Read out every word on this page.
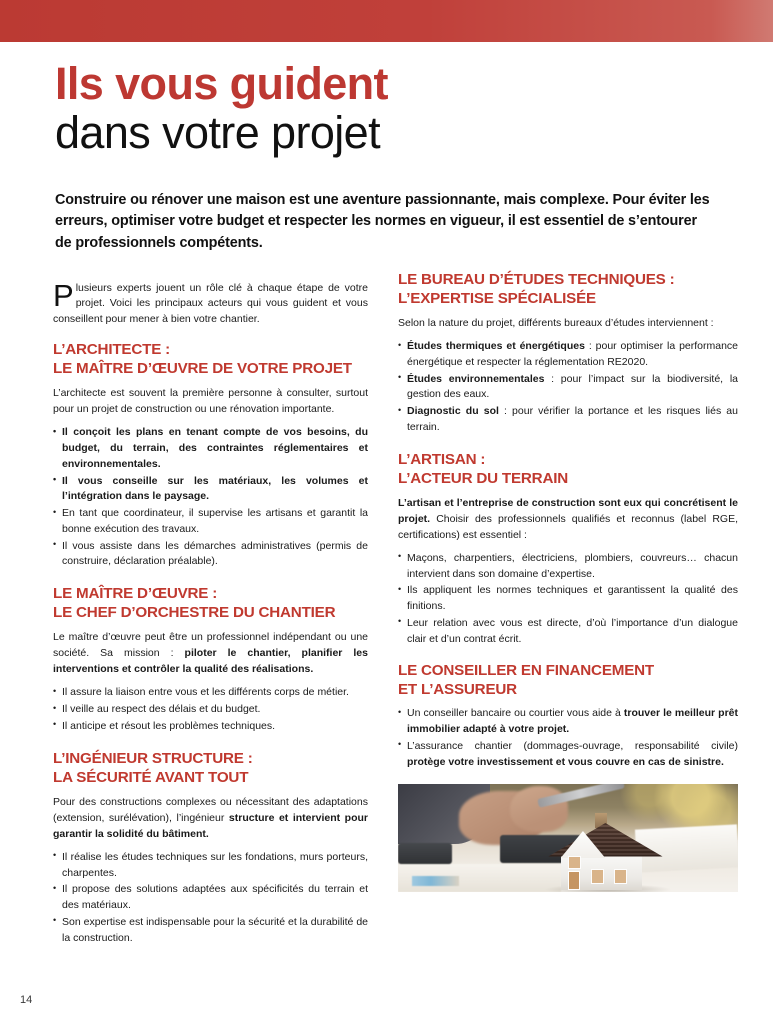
Ils vous guident
dans votre projet
Construire ou rénover une maison est une aventure passionnante, mais complexe. Pour éviter les erreurs, optimiser votre budget et respecter les normes en vigueur, il est essentiel de s’entourer de professionnels compétents.

Plusieurs experts jouent un rôle clé à chaque étape de votre projet. Voici les principaux acteurs qui vous guident et vous conseillent pour mener à bien votre chantier.

L’ARCHITECTE :
LE MAÎTRE D’ŒUVRE DE VOTRE PROJET

L’architecte est souvent la première personne à consulter, surtout pour un projet de construction ou une rénovation importante.

• Il conçoit les plans en tenant compte de vos besoins, du budget, du terrain, des contraintes réglementaires et environnementales.
• Il vous conseille sur les matériaux, les volumes et l’intégration dans le paysage.
• En tant que coordinateur, il supervise les artisans et garantit la bonne exécution des travaux.
• Il vous assiste dans les démarches administratives (permis de construire, déclaration préalable).
LE MAÎTRE D’ŒUVRE :
LE CHEF D’ORCHESTRE DU CHANTIER

Le maître d’œuvre peut être un professionnel indépendant ou une société. Sa mission : piloter le chantier, planifier les interventions et contrôler la qualité des réalisations.

• Il assure la liaison entre vous et les différents corps de métier.
• Il veille au respect des délais et du budget.
• Il anticipe et résout les problèmes techniques.
L’INGÉNIEUR STRUCTURE :
LA SÉCURITÉ AVANT TOUT

Pour des constructions complexes ou nécessitant des adaptations (extension, surélévation), l’ingénieur structure et intervient pour garantir la solidité du bâtiment.

• Il réalise les études techniques sur les fondations, murs porteurs, charpentes.
• Il propose des solutions adaptées aux spécificités du terrain et des matériaux.
• Son expertise est indispensable pour la sécurité et la durabilité de la construction.
LE BUREAU D’ÉTUDES TECHNIQUES :
L’EXPERTISE SPÉCIALISÉE

Selon la nature du projet, différents bureaux d’études interviennent :

• Études thermiques et énergétiques : pour optimiser la performance énergétique et respecter la réglementation RE2020.
• Études environnementales : pour l’impact sur la biodiversité, la gestion des eaux.
• Diagnostic du sol : pour vérifier la portance et les risques liés au terrain.
L’ARTISAN :
L’ACTEUR DU TERRAIN

L’artisan et l’entreprise de construction sont eux qui concrétisent le projet. Choisir des professionnels qualifiés et reconnus (label RGE, certifications) est essentiel :

• Maçons, charpentiers, électriciens, plombiers, couvreurs… chacun intervient dans son domaine d’expertise.
• Ils appliquent les normes techniques et garantissent la qualité des finitions.
• Leur relation avec vous est directe, d’où l’importance d’un dialogue clair et d’un contrat écrit.
LE CONSEILLER EN FINANCEMENT
ET L’ASSUREUR
• Un conseiller bancaire ou courtier vous aide à trouver le meilleur prêt immobilier adapté à votre projet.
• L’assurance chantier (dommages-ouvrage, responsabilité civile) protège votre investissement et vous couvre en cas de sinistre.
14
